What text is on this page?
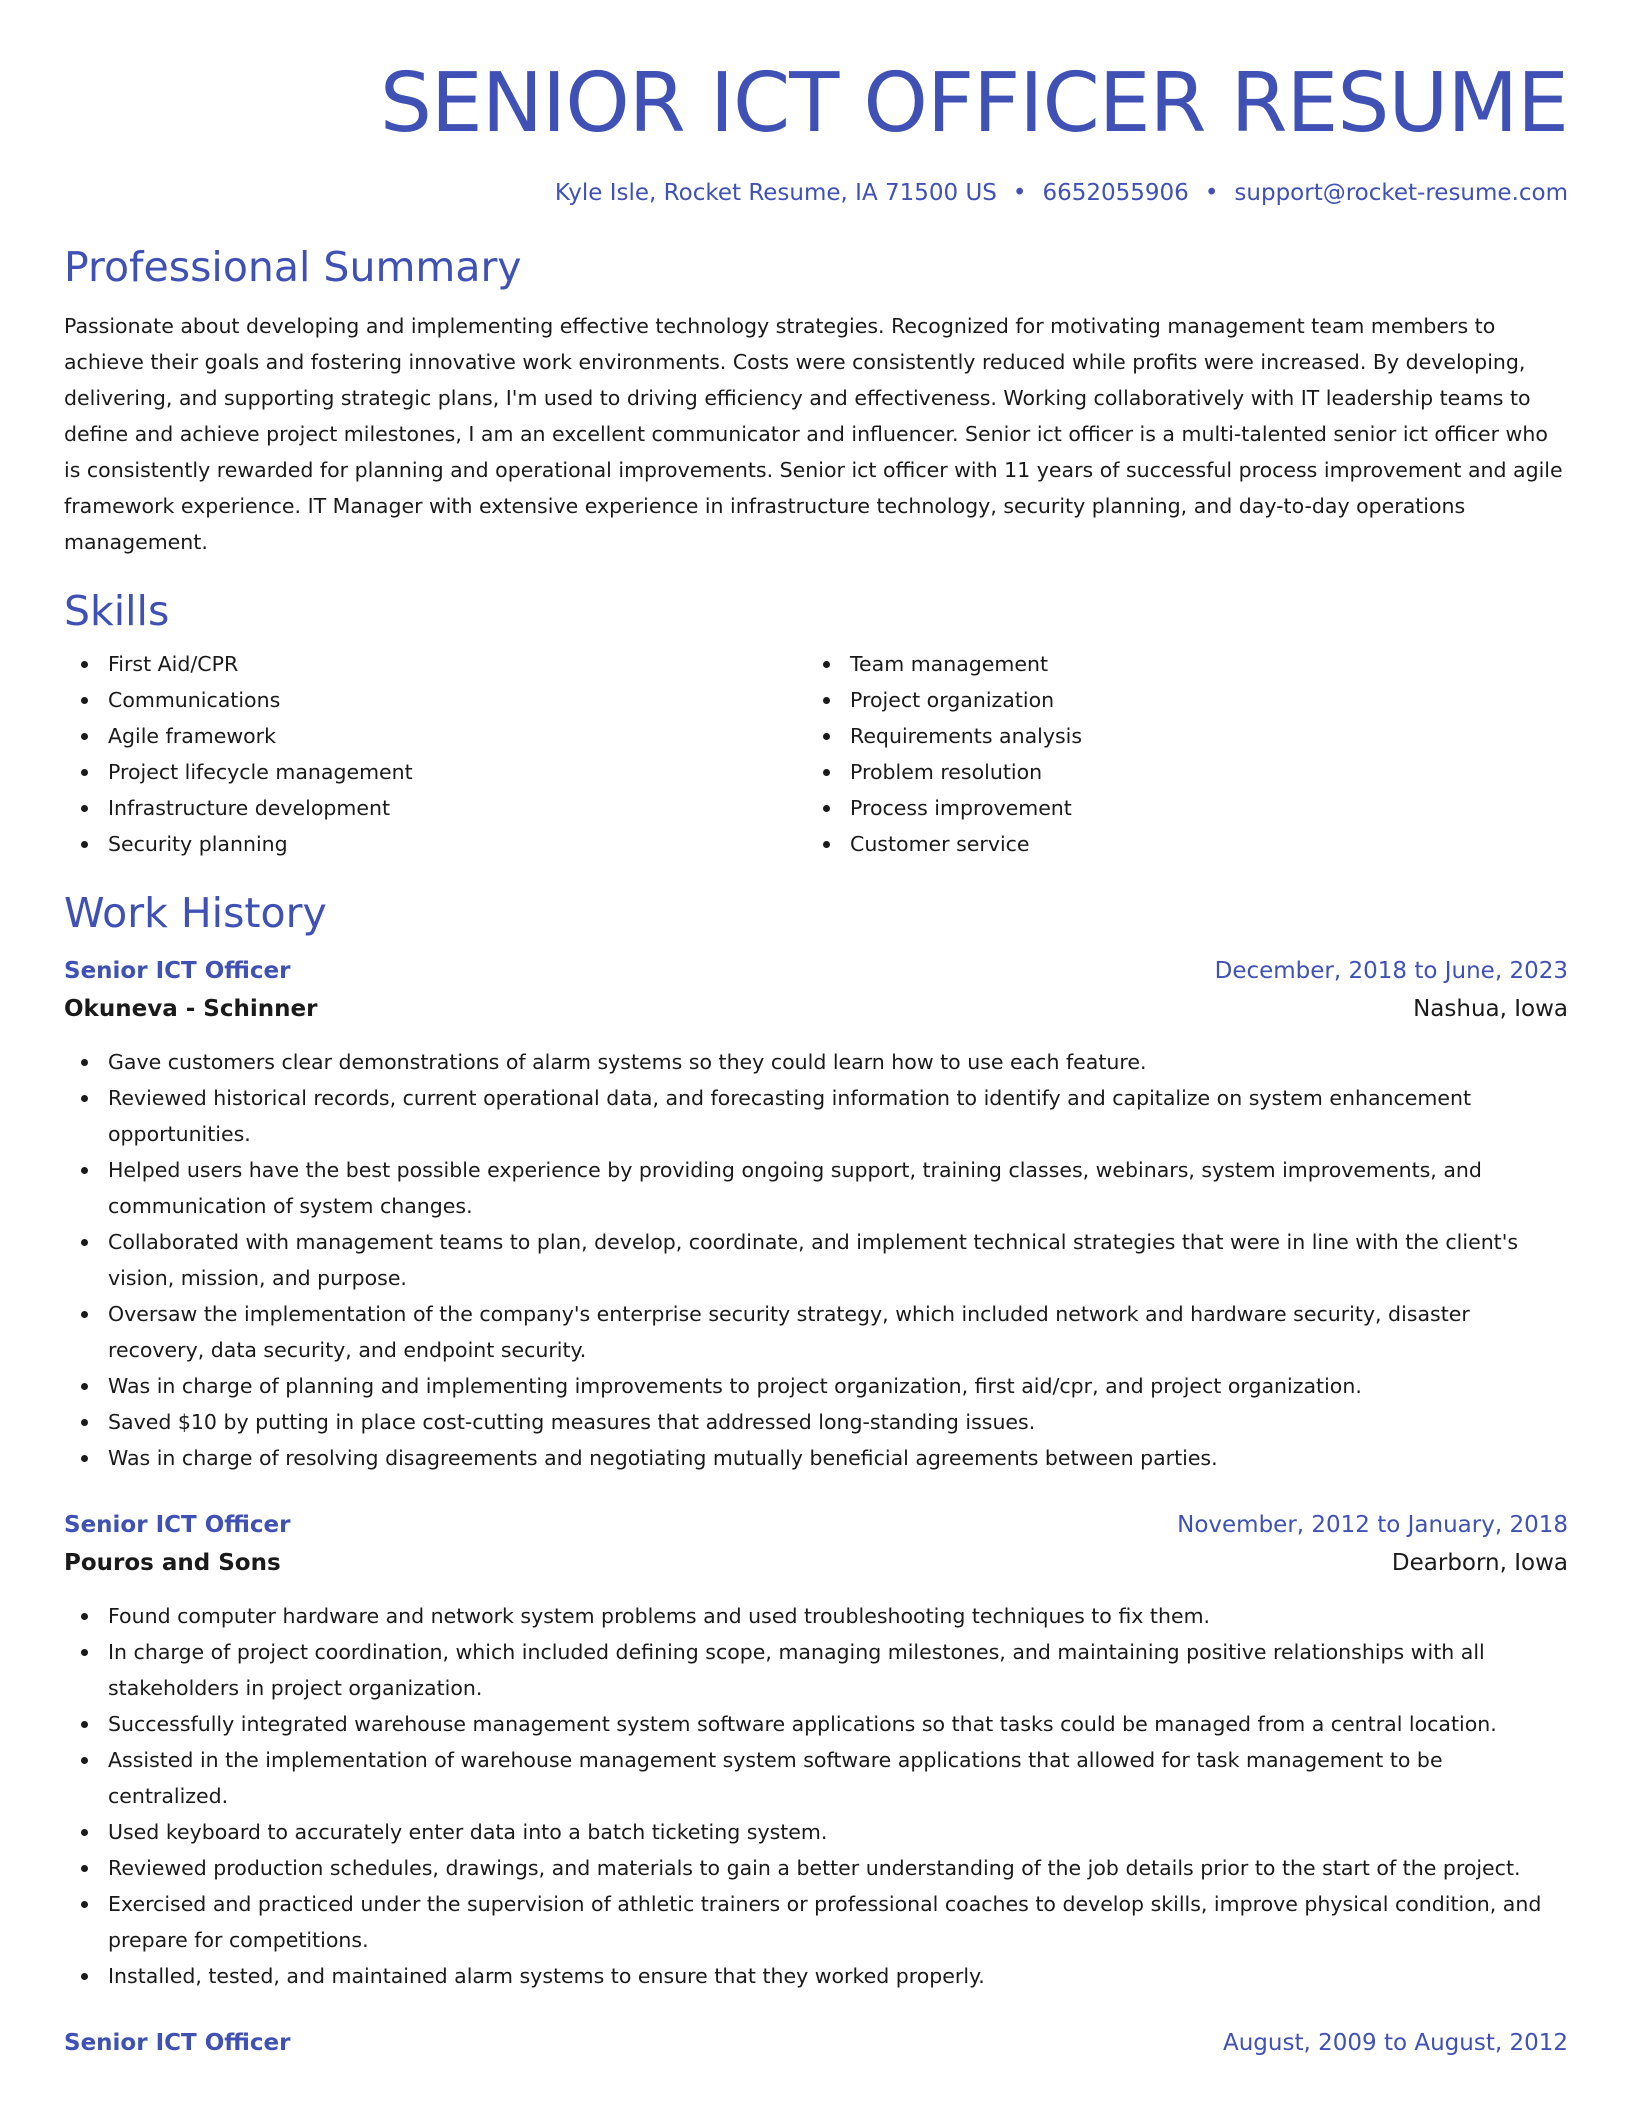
SENIOR ICT OFFICER RESUME
Kyle Isle, Rocket Resume, IA 71500 US • 6652055906 • support@rocket-resume.com
Professional Summary

Passionate about developing and implementing effective technology strategies. Recognized for motivating management team members to achieve their goals and fostering innovative work environments. Costs were consistently reduced while profits were increased. By developing, delivering, and supporting strategic plans, I'm used to driving efficiency and effectiveness. Working collaboratively with IT leadership teams to define and achieve project milestones, I am an excellent communicator and influencer. Senior ict officer is a multi-talented senior ict officer who is consistently rewarded for planning and operational improvements. Senior ict officer with 11 years of successful process improvement and agile framework experience. IT Manager with extensive experience in infrastructure technology, security planning, and day-to-day operations management.

Skills
First Aid/CPR
Communications
Agile framework
Project lifecycle management
Infrastructure development
Security planning
Team management
Project organization
Requirements analysis
Problem resolution
Process improvement
Customer service
Work History
Senior ICT Officer	December, 2018 to June, 2023
Okuneva - Schinner	Nashua, Iowa
Gave customers clear demonstrations of alarm systems so they could learn how to use each feature.
Reviewed historical records, current operational data, and forecasting information to identify and capitalize on system enhancement opportunities.
Helped users have the best possible experience by providing ongoing support, training classes, webinars, system improvements, and communication of system changes.
Collaborated with management teams to plan, develop, coordinate, and implement technical strategies that were in line with the client's vision, mission, and purpose.
Oversaw the implementation of the company's enterprise security strategy, which included network and hardware security, disaster recovery, data security, and endpoint security.
Was in charge of planning and implementing improvements to project organization, first aid/cpr, and project organization.
Saved $10 by putting in place cost-cutting measures that addressed long-standing issues.
Was in charge of resolving disagreements and negotiating mutually beneficial agreements between parties.
Senior ICT Officer	November, 2012 to January, 2018
Pouros and Sons	Dearborn, Iowa
Found computer hardware and network system problems and used troubleshooting techniques to fix them.
In charge of project coordination, which included defining scope, managing milestones, and maintaining positive relationships with all stakeholders in project organization.
Successfully integrated warehouse management system software applications so that tasks could be managed from a central location.
Assisted in the implementation of warehouse management system software applications that allowed for task management to be centralized.
Used keyboard to accurately enter data into a batch ticketing system.
Reviewed production schedules, drawings, and materials to gain a better understanding of the job details prior to the start of the project.
Exercised and practiced under the supervision of athletic trainers or professional coaches to develop skills, improve physical condition, and prepare for competitions.
Installed, tested, and maintained alarm systems to ensure that they worked properly.
Senior ICT Officer	August, 2009 to August, 2012
